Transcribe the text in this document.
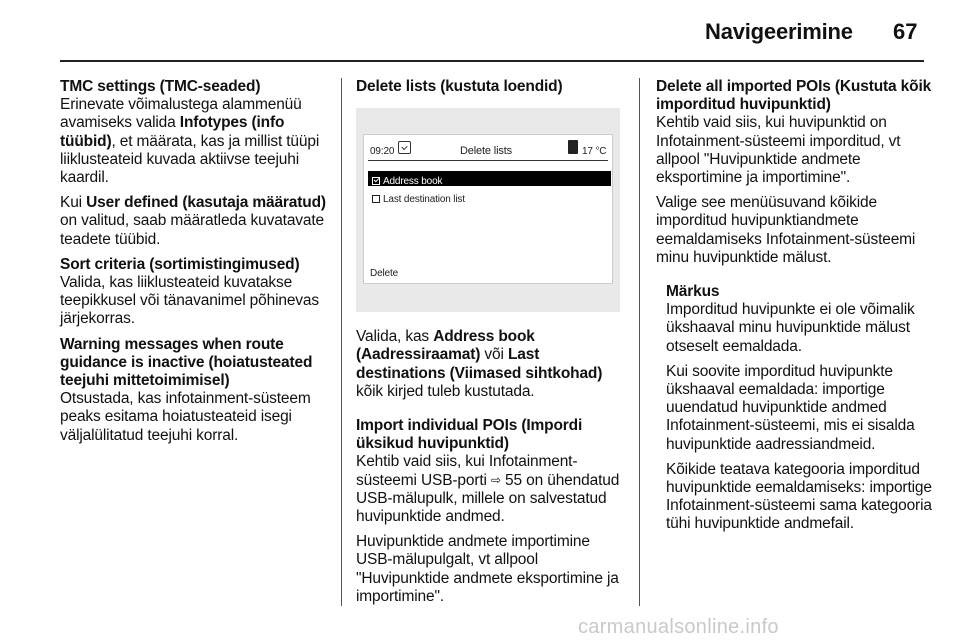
Navigeerimine 67

TMC settings (TMC-seaded)

Erinevate võimalustega alammenüü avamiseks valida Infotypes (info tüübid), et määrata, kas ja millist tüüpi liiklusteateid kuvada aktiivse teejuhi kaardil.

Kui User defined (kasutaja määratud) on valitud, saab määratleda kuvatavate teadete tüübid.

Sort criteria (sortimistingimused)

Valida, kas liiklusteateid kuvatakse teepikkusel või tänavanimel põhinevas järjekorras.

Warning messages when route guidance is inactive (hoiatusteated teejuhi mittetoimimisel)

Otsustada, kas infotainment-süsteem peaks esitama hoiatusteateid isegi väljalülitatud teejuhi korral.

Delete lists (kustuta loendid)

09:20	Delete lists	17 °C
Address book
Last destination list
Delete

Valida, kas Address book (Aadressiraamat) või Last destinations (Viimased sihtkohad) kõik kirjed tuleb kustutada.

Import individual POIs (Impordi üksikud huvipunktid)

Kehtib vaid siis, kui Infotainment-süsteemi USB-porti ⇨ 55 on ühendatud USB-mälupulk, millele on salvestatud huvipunktide andmed.

Huvipunktide andmete importimine USB-mälupulgalt, vt allpool "Huvipunktide andmete eksportimine ja importimine".

Delete all imported POIs (Kustuta kõik imporditud huvipunktid)

Kehtib vaid siis, kui huvipunktid on Infotainment-süsteemi imporditud, vt allpool "Huvipunktide andmete eksportimine ja importimine".

Valige see menüüsuvand kõikide imporditud huvipunktiandmete eemaldamiseks Infotainment-süsteemi minu huvipunktide mälust.

Märkus

Imporditud huvipunkte ei ole võimalik ükshaaval minu huvipunktide mälust otseselt eemaldada.

Kui soovite imporditud huvipunkte ükshaaval eemaldada: importige uuendatud huvipunktide andmed Infotainment-süsteemi, mis ei sisalda huvipunktide aadressiandmeid.

Kõikide teatava kategooria imporditud huvipunktide eemaldamiseks: importige Infotainment-süsteemi sama kategooria tühi huvipunktide andmefail.

carmanualsonline.info
